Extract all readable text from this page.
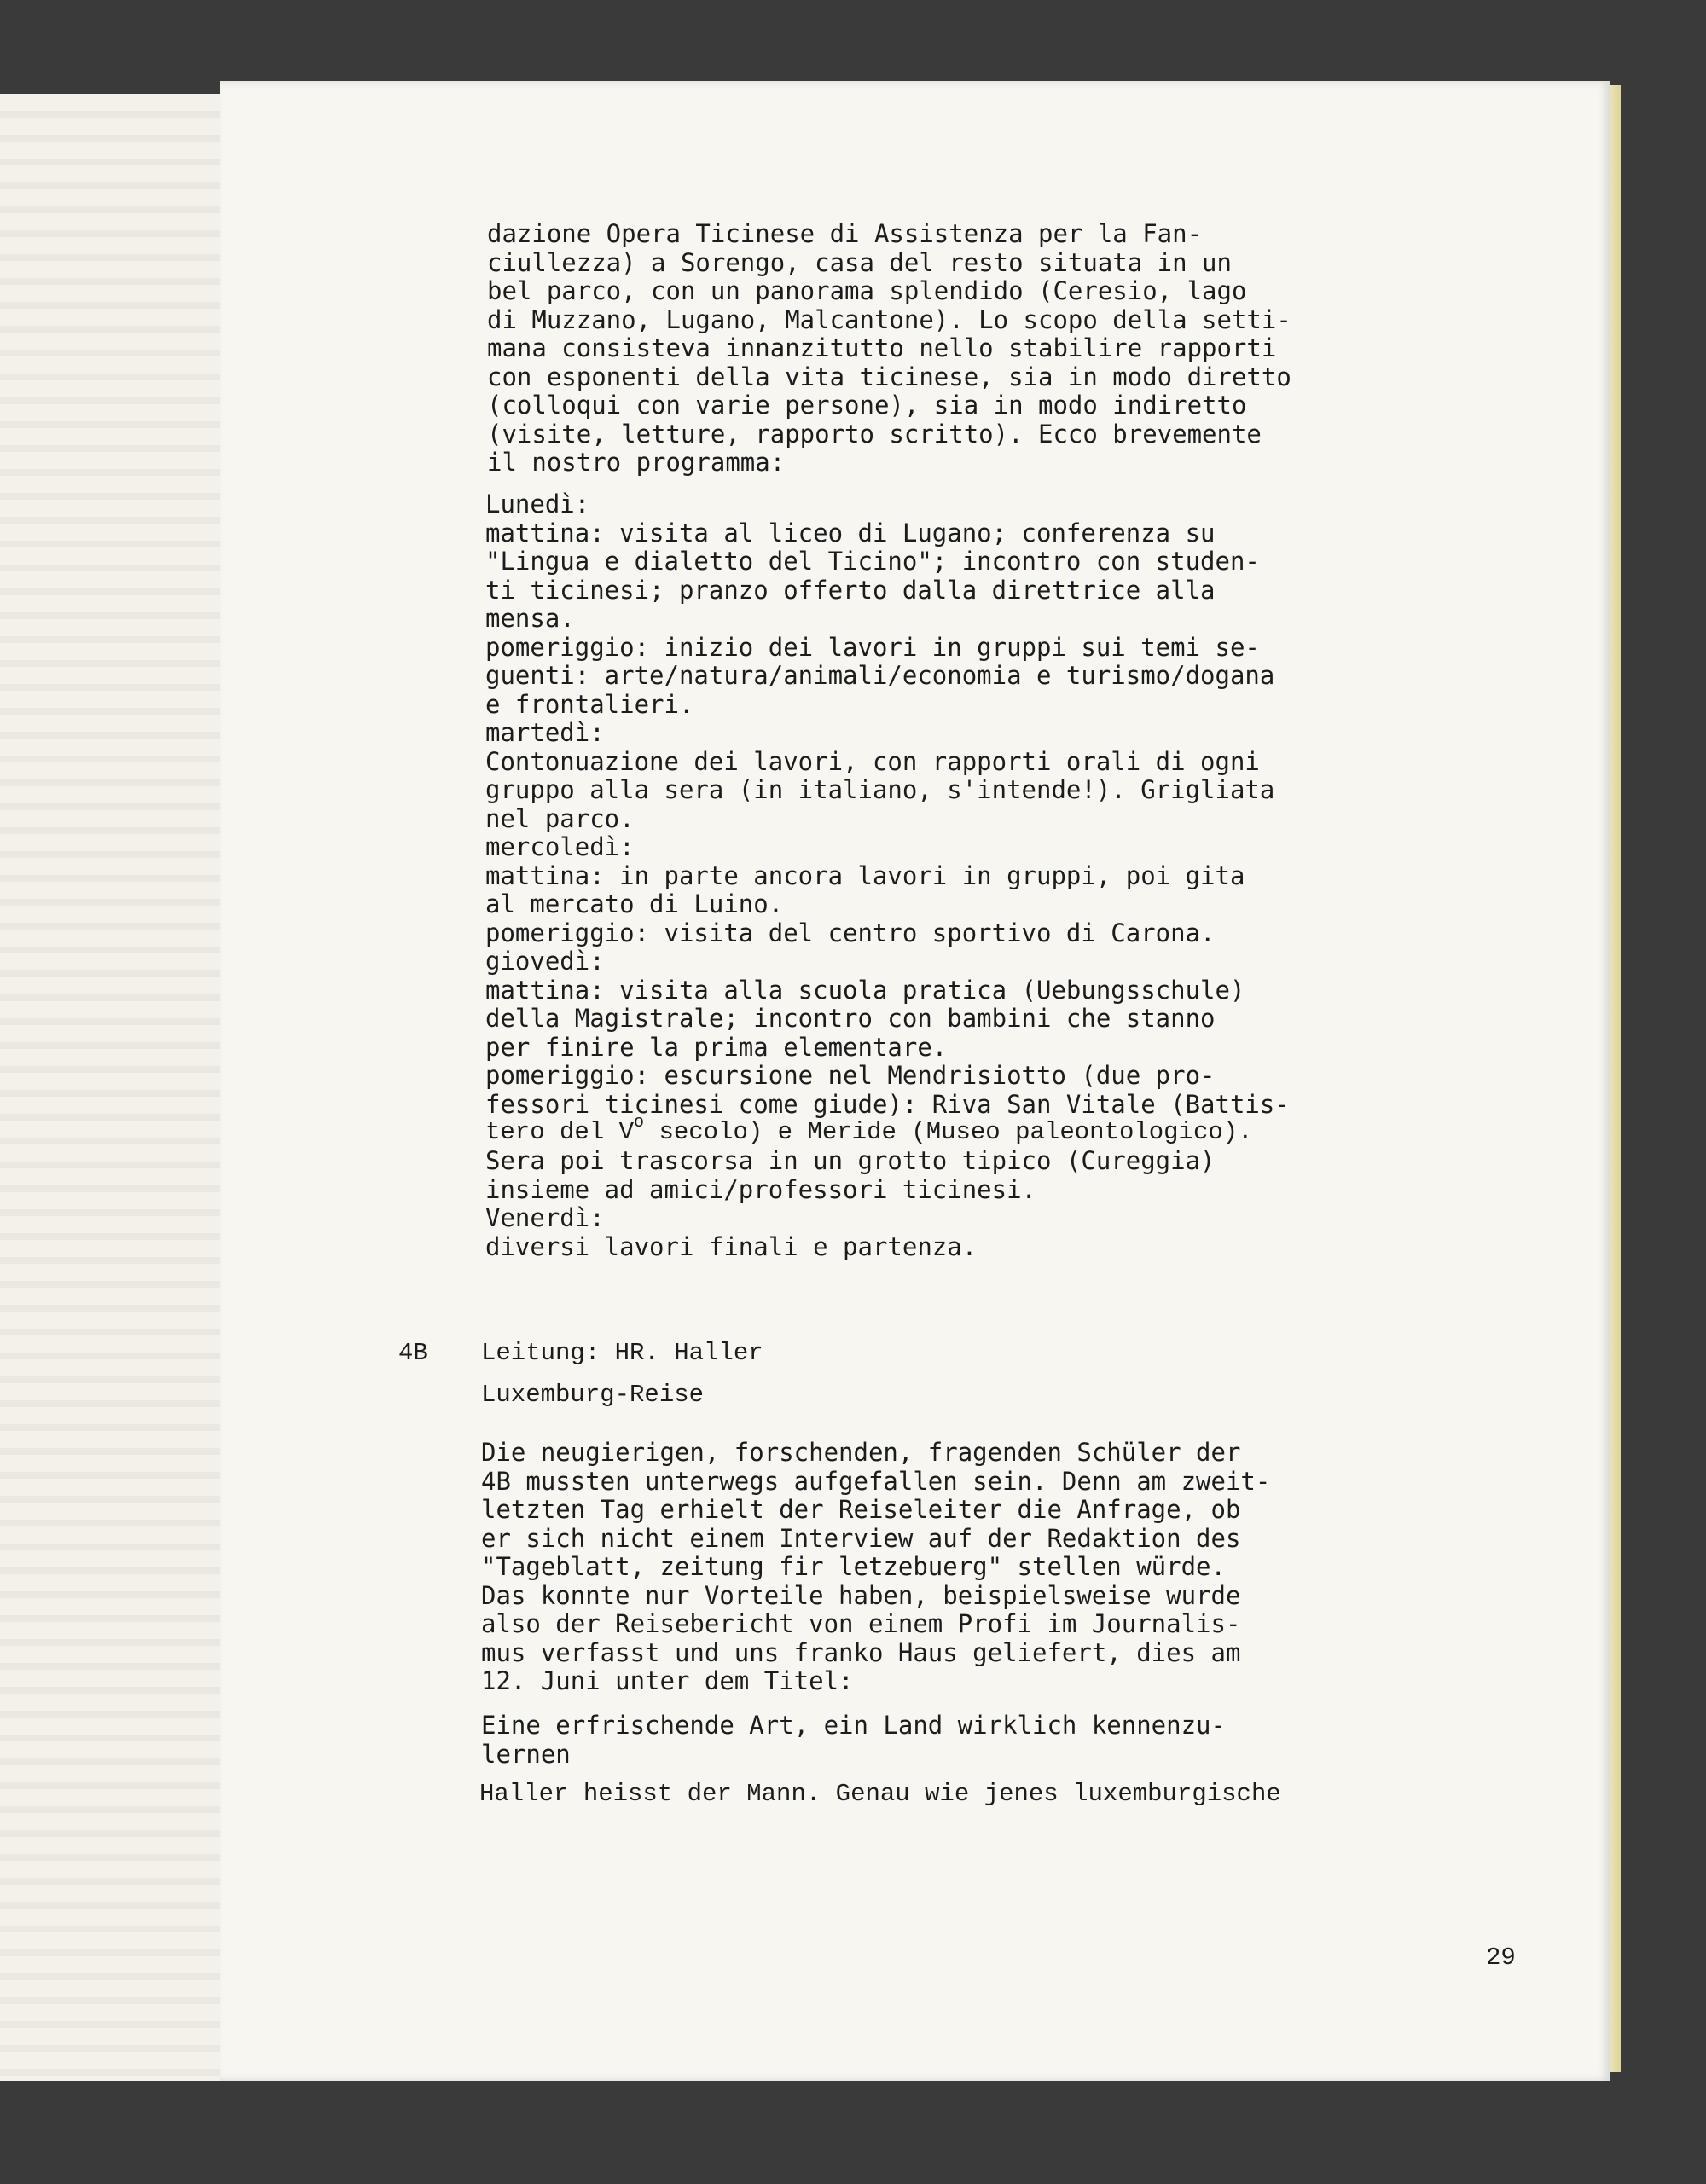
dazione Opera Ticinese di Assistenza per la Fan-
ciullezza) a Sorengo, casa del resto situata in un
bel parco, con un panorama splendido (Ceresio, lago
di Muzzano, Lugano, Malcantone). Lo scopo della setti-
mana consisteva innanzitutto nello stabilire rapporti
con esponenti della vita ticinese, sia in modo diretto
(colloqui con varie persone), sia in modo indiretto
(visite, letture, rapporto scritto). Ecco brevemente
il nostro programma:
Lunedì:
mattina: visita al liceo di Lugano; conferenza su
"Lingua e dialetto del Ticino"; incontro con studen-
ti ticinesi; pranzo offerto dalla direttrice alla
mensa.
pomeriggio: inizio dei lavori in gruppi sui temi se-
guenti: arte/natura/animali/economia e turismo/dogana
e frontalieri.
martedì:
Contonuazione dei lavori, con rapporti orali di ogni
gruppo alla sera (in italiano, s'intende!). Grigliata
nel parco.
mercoledì:
mattina: in parte ancora lavori in gruppi, poi gita
al mercato di Luino.
pomeriggio: visita del centro sportivo di Carona.
giovedì:
mattina: visita alla scuola pratica (Uebungsschule)
della Magistrale; incontro con bambini che stanno
per finire la prima elementare.
pomeriggio: escursione nel Mendrisiotto (due pro-
fessori ticinesi come giude): Riva San Vitale (Battis-
tero del $V^o$ secolo) e Meride (Museo paleontologico).
Sera poi trascorsa in un grotto tipico (Cureggia)
insieme ad amici/professori ticinesi.
Venerdì:
diversi lavori finali e partenza.
4B Leitung: HR. Haller
Luxemburg-Reise
Die neugierigen, forschenden, fragenden Schüler der
4B mussten unterwegs aufgefallen sein. Denn am zweit-
letzten Tag erhielt der Reiseleiter die Anfrage, ob
er sich nicht einem Interview auf der Redaktion des
"Tageblatt, zeitung fir letzebuerg" stellen würde.
Das konnte nur Vorteile haben, beispielsweise wurde
also der Reisebericht von einem Profi im Journalis-
mus verfasst und uns franko Haus geliefert, dies am
12. Juni unter dem Titel:
Eine erfrischende Art, ein Land wirklich kennenzu-
lernen
Haller heisst der Mann. Genau wie jenes luxemburgische
29
